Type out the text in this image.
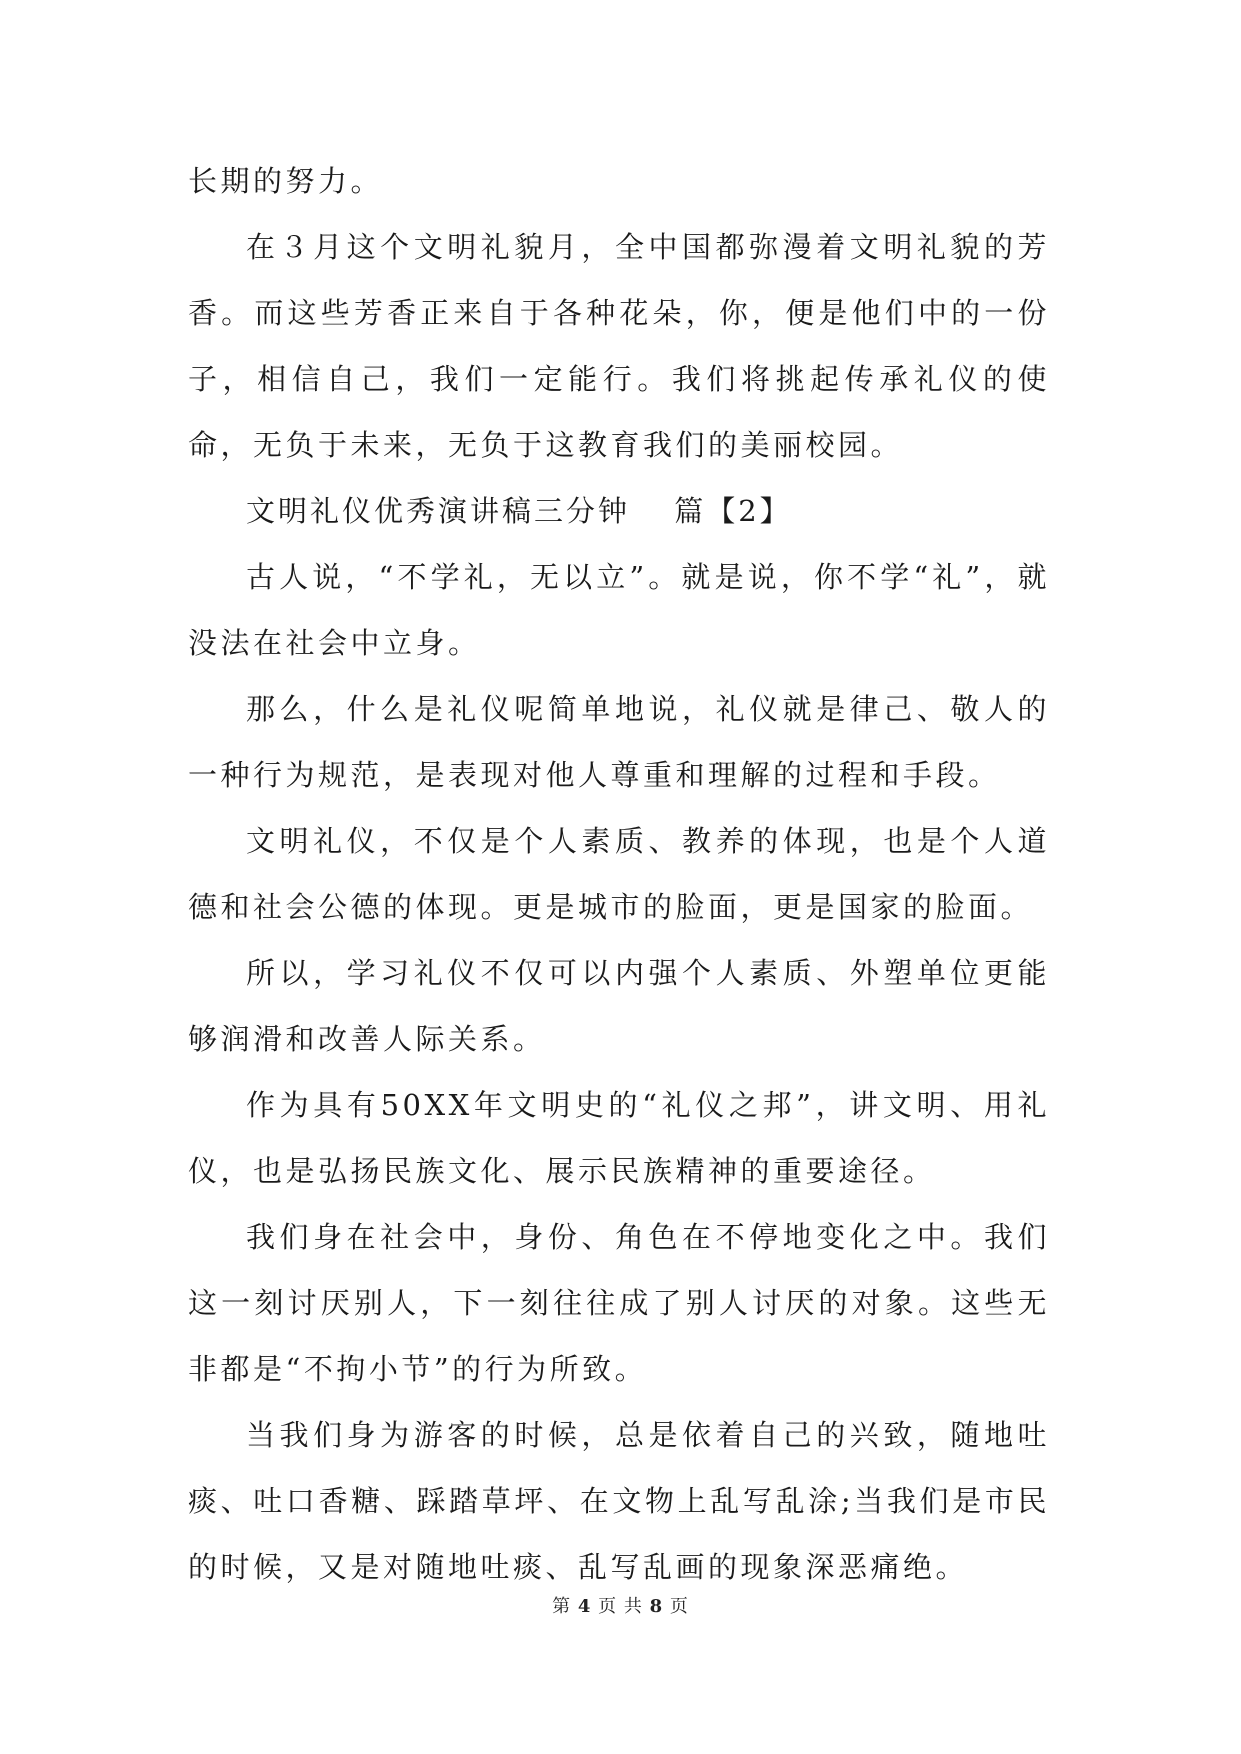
长期的努力。

在３月这个文明礼貌月，全中国都弥漫着文明礼貌的芳香。而这些芳香正来自于各种花朵，你，便是他们中的一份子，相信自己，我们一定能行。我们将挑起传承礼仪的使命，无负于未来，无负于这教育我们的美丽校园。

文明礼仪优秀演讲稿三分钟　 篇【2】

古人说，“不学礼，无以立”。就是说，你不学“礼”，就没法在社会中立身。

那么，什么是礼仪呢简单地说，礼仪就是律己、敬人的一种行为规范，是表现对他人尊重和理解的过程和手段。

文明礼仪，不仅是个人素质、教养的体现，也是个人道德和社会公德的体现。更是城市的脸面，更是国家的脸面。

所以，学习礼仪不仅可以内强个人素质、外塑单位更能够润滑和改善人际关系。

作为具有50XX年文明史的“礼仪之邦”，讲文明、用礼仪，也是弘扬民族文化、展示民族精神的重要途径。

我们身在社会中，身份、角色在不停地变化之中。我们这一刻讨厌别人，下一刻往往成了别人讨厌的对象。这些无非都是“不拘小节”的行为所致。

当我们身为游客的时候，总是依着自己的兴致，随地吐痰、吐口香糖、踩踏草坪、在文物上乱写乱涂;当我们是市民的时候，又是对随地吐痰、乱写乱画的现象深恶痛绝。

第 4 页 共 8 页
